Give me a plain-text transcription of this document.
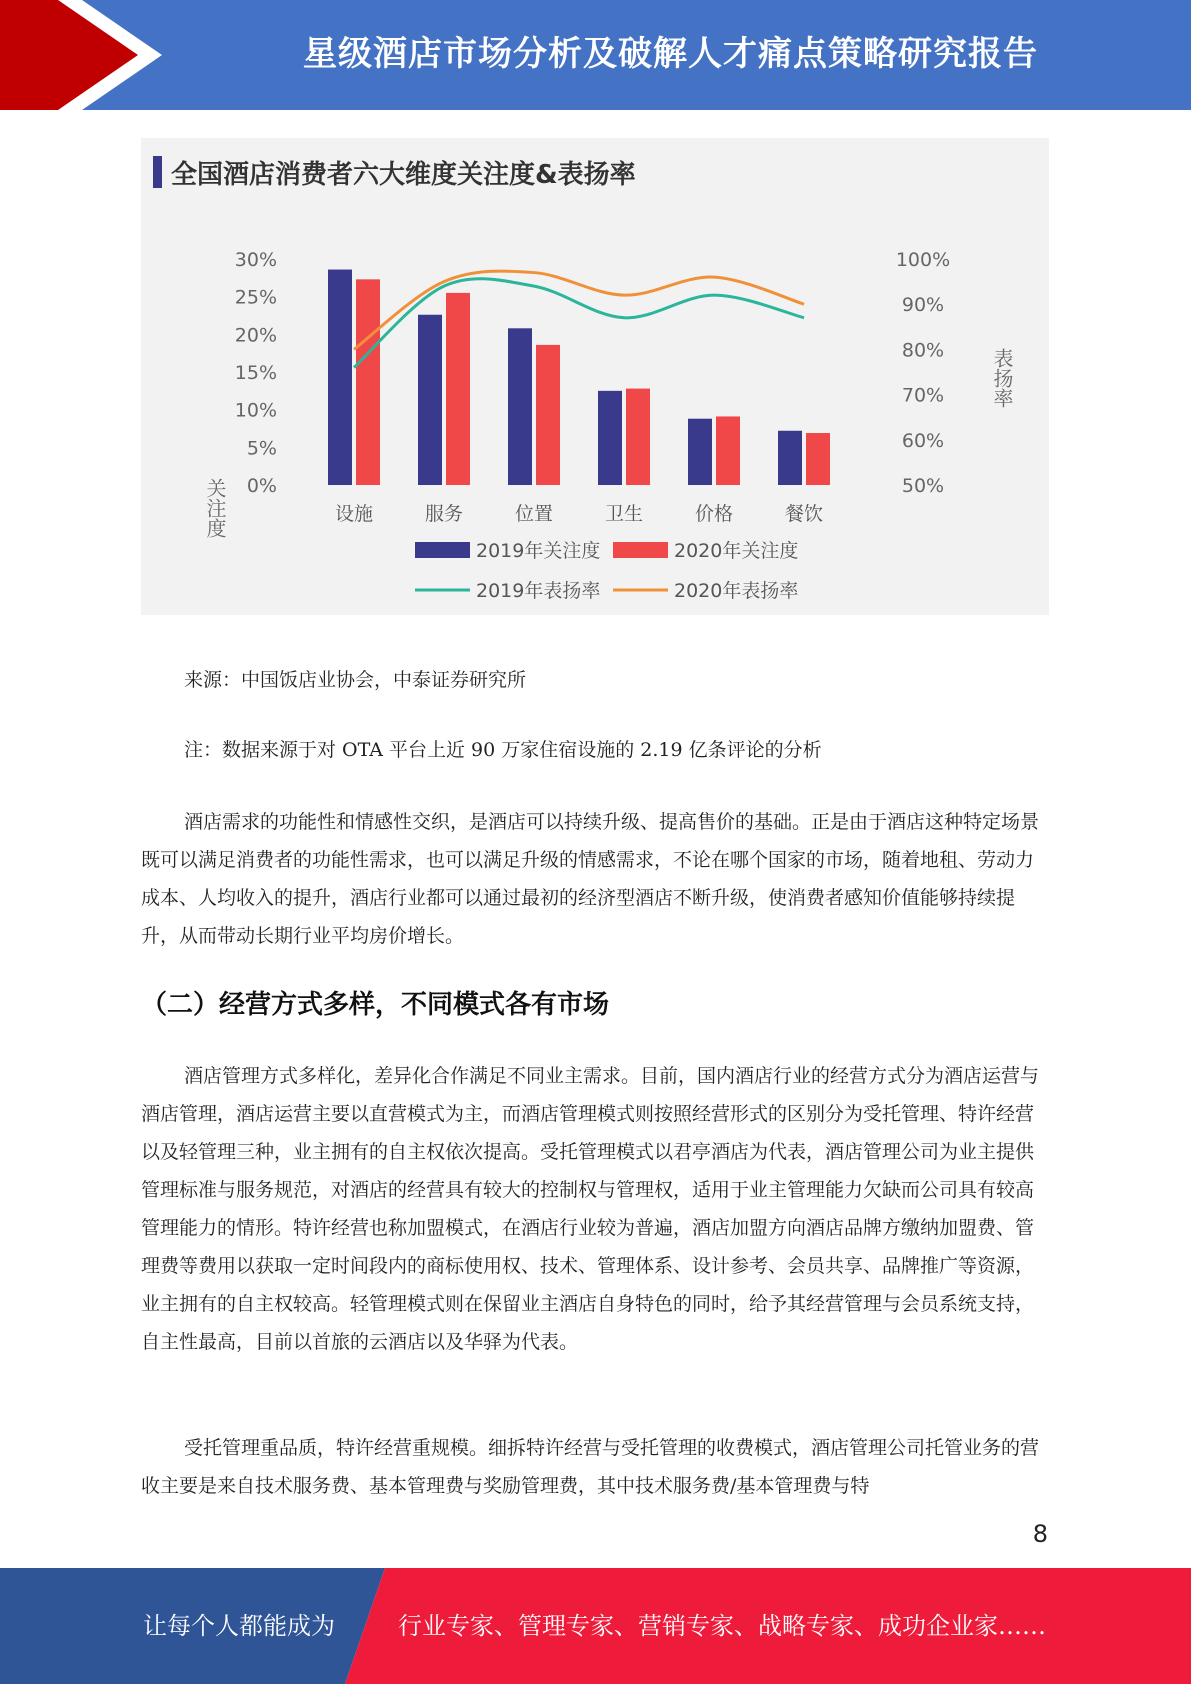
星级酒店市场分析及破解人才痛点策略研究报告
全国酒店消费者六大维度关注度&表扬率
0%
5%
10%
15%
20%
25%
30%
50%
60%
70%
80%
90%
100%
关注度
表扬率
设施	服务	位置	卫生	价格	餐饮
2019年关注度	2020年关注度
2019年表扬率	2020年表扬率

来源：中国饭店业协会，中泰证券研究所

注：数据来源于对 OTA 平台上近 90 万家住宿设施的 2.19 亿条评论的分析

酒店需求的功能性和情感性交织，是酒店可以持续升级、提高售价的基础。正是由于酒店这种特定场景既可以满足消费者的功能性需求，也可以满足升级的情感需求，不论在哪个国家的市场，随着地租、劳动力成本、人均收入的提升，酒店行业都可以通过最初的经济型酒店不断升级，使消费者感知价值能够持续提升，从而带动长期行业平均房价增长。

（二）经营方式多样，不同模式各有市场

酒店管理方式多样化，差异化合作满足不同业主需求。目前，国内酒店行业的经营方式分为酒店运营与酒店管理，酒店运营主要以直营模式为主，而酒店管理模式则按照经营形式的区别分为受托管理、特许经营以及轻管理三种，业主拥有的自主权依次提高。受托管理模式以君亭酒店为代表，酒店管理公司为业主提供管理标准与服务规范，对酒店的经营具有较大的控制权与管理权，适用于业主管理能力欠缺而公司具有较高管理能力的情形。特许经营也称加盟模式，在酒店行业较为普遍，酒店加盟方向酒店品牌方缴纳加盟费、管理费等费用以获取一定时间段内的商标使用权、技术、管理体系、设计参考、会员共享、品牌推广等资源，业主拥有的自主权较高。轻管理模式则在保留业主酒店自身特色的同时，给予其经营管理与会员系统支持，自主性最高，目前以首旅的云酒店以及华驿为代表。

受托管理重品质，特许经营重规模。细拆特许经营与受托管理的收费模式，酒店管理公司托管业务的营收主要是来自技术服务费、基本管理费与奖励管理费，其中技术服务费/基本管理费与特

8
让每个人都能成为	行业专家、管理专家、营销专家、战略专家、成功企业家……
